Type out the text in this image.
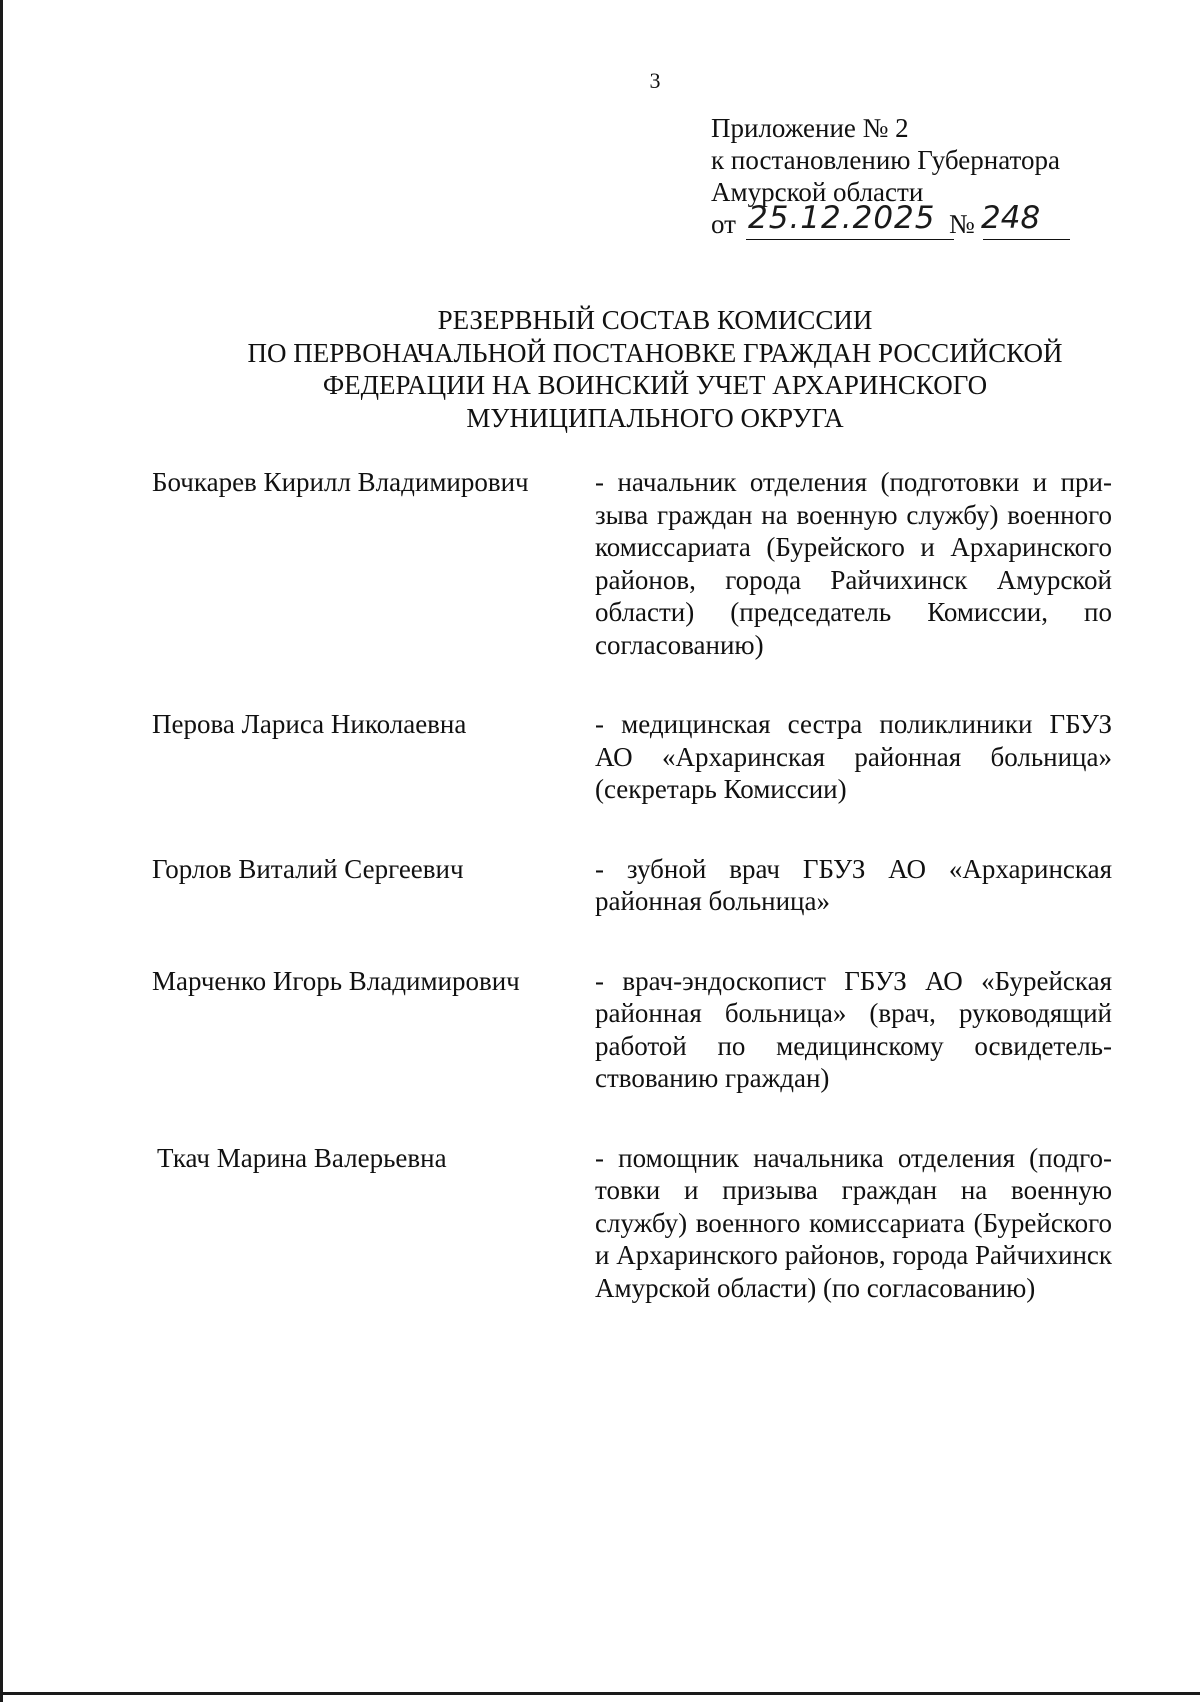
3
Приложение № 2
к постановлению Губернатора
Амурской области
от 25.12.2025 № 248
РЕЗЕРВНЫЙ СОСТАВ КОМИССИИ
ПО ПЕРВОНАЧАЛЬНОЙ ПОСТАНОВКЕ ГРАЖДАН РОССИЙСКОЙ
ФЕДЕРАЦИИ НА ВОИНСКИЙ УЧЕТ АРХАРИНСКОГО
МУНИЦИПАЛЬНОГО ОКРУГА
Бочкарев Кирилл Владимирович	- начальник отделения (подготовки и призыва граждан на военную службу) военного комиссариата (Бурейского и Архаринского районов, города Райчихинск Амурской области) (председатель Комиссии, по согласованию)
Перова Лариса Николаевна	- медицинская сестра поликлиники ГБУЗ АО «Архаринская районная больница» (секретарь Комиссии)
Горлов Виталий Сергеевич	- зубной врач ГБУЗ АО «Архаринская районная больница»
Марченко Игорь Владимирович	- врач-эндоскопист ГБУЗ АО «Бурейская районная больница» (врач, руководящий работой по медицинскому освидетельствованию граждан)
Ткач Марина Валерьевна	- помощник начальника отделения (подготовки и призыва граждан на военную службу) военного комиссариата (Бурейского и Архаринского районов, города Райчихинск Амурской области) (по согласованию)
